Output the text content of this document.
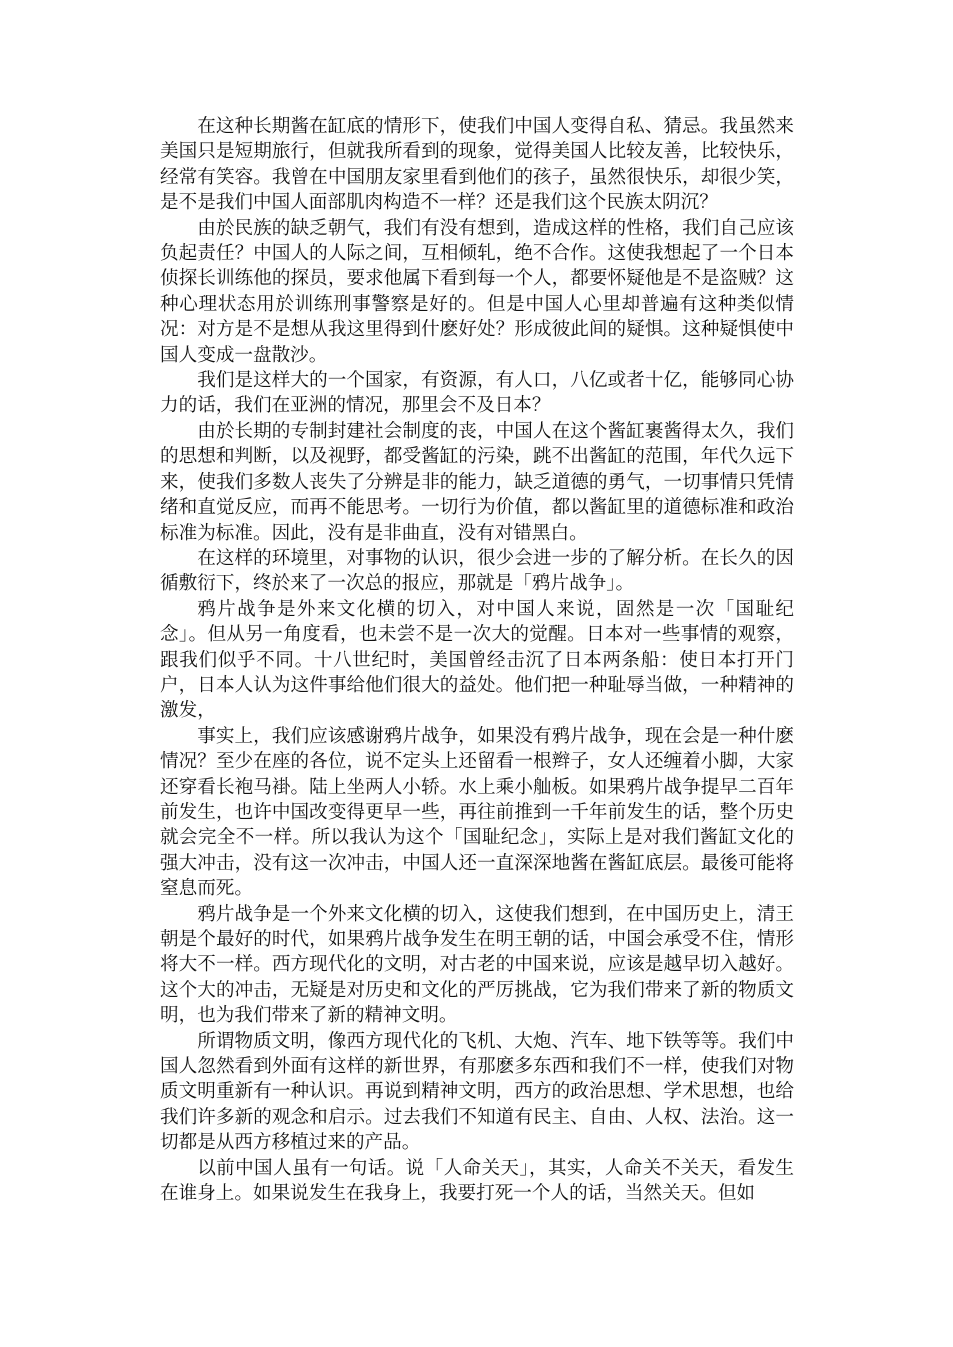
在这种长期酱在缸底的情形下，使我们中国人变得自私、猜忌。我虽然来美国只是短期旅行，但就我所看到的现象，觉得美国人比较友善，比较快乐，经常有笑容。我曾在中国朋友家里看到他们的孩子，虽然很快乐，却很少笑，是不是我们中国人面部肌肉构造不一样？还是我们这个民族太阴沉？

由於民族的缺乏朝气，我们有没有想到，造成这样的性格，我们自己应该负起责任？中国人的人际之间，互相倾轧，绝不合作。这使我想起了一个日本侦探长训练他的探员，要求他属下看到每一个人，都要怀疑他是不是盗贼？这种心理状态用於训练刑事警察是好的。但是中国人心里却普遍有这种类似情况：对方是不是想从我这里得到什麽好处？形成彼此间的疑惧。这种疑惧使中国人变成一盘散沙。

我们是这样大的一个国家，有资源，有人口，八亿或者十亿，能够同心协力的话，我们在亚洲的情况，那里会不及日本？

由於长期的专制封建社会制度的丧，中国人在这个酱缸裹酱得太久，我们的思想和判断，以及视野，都受酱缸的污染，跳不出酱缸的范围，年代久远下来，使我们多数人丧失了分辨是非的能力，缺乏道德的勇气，一切事情只凭情绪和直觉反应，而再不能思考。一切行为价值，都以酱缸里的道德标准和政治标准为标准。因此，没有是非曲直，没有对错黑白。

在这样的环境里，对事物的认识，很少会进一步的了解分析。在长久的因循敷衍下，终於来了一次总的报应，那就是「鸦片战争」。

鸦片战争是外来文化横的切入，对中国人来说，固然是一次「国耻纪念」。但从另一角度看，也未尝不是一次大的觉醒。日本对一些事情的观察，跟我们似乎不同。十八世纪时，美国曾经击沉了日本两条船：使日本打开门户，日本人认为这件事给他们很大的益处。他们把一种耻辱当做，一种精神的激发，

事实上，我们应该感谢鸦片战争，如果没有鸦片战争，现在会是一种什麽情况？至少在座的各位，说不定头上还留看一根辫子，女人还缠着小脚，大家还穿看长袍马褂。陆上坐两人小轿。水上乘小舢板。如果鸦片战争提早二百年前发生，也许中国改变得更早一些，再往前推到一千年前发生的话，整个历史就会完全不一样。所以我认为这个「国耻纪念」，实际上是对我们酱缸文化的强大冲击，没有这一次冲击，中国人还一直深深地酱在酱缸底层。最後可能将窒息而死。

鸦片战争是一个外来文化横的切入，这使我们想到，在中国历史上，清王朝是个最好的时代，如果鸦片战争发生在明王朝的话，中国会承受不住，情形将大不一样。西方现代化的文明，对古老的中国来说，应该是越早切入越好。这个大的冲击，无疑是对历史和文化的严厉挑战，它为我们带来了新的物质文明，也为我们带来了新的精神文明。

所谓物质文明，像西方现代化的飞机、大炮、汽车、地下铁等等。我们中国人忽然看到外面有这样的新世界，有那麽多东西和我们不一样，使我们对物质文明重新有一种认识。再说到精神文明，西方的政治思想、学术思想，也给我们许多新的观念和启示。过去我们不知道有民主、自由、人权、法治。这一切都是从西方移植过来的产品。

以前中国人虽有一句话。说「人命关天」，其实，人命关不关天，看发生在谁身上。如果说发生在我身上，我要打死一个人的话，当然关天。但如
